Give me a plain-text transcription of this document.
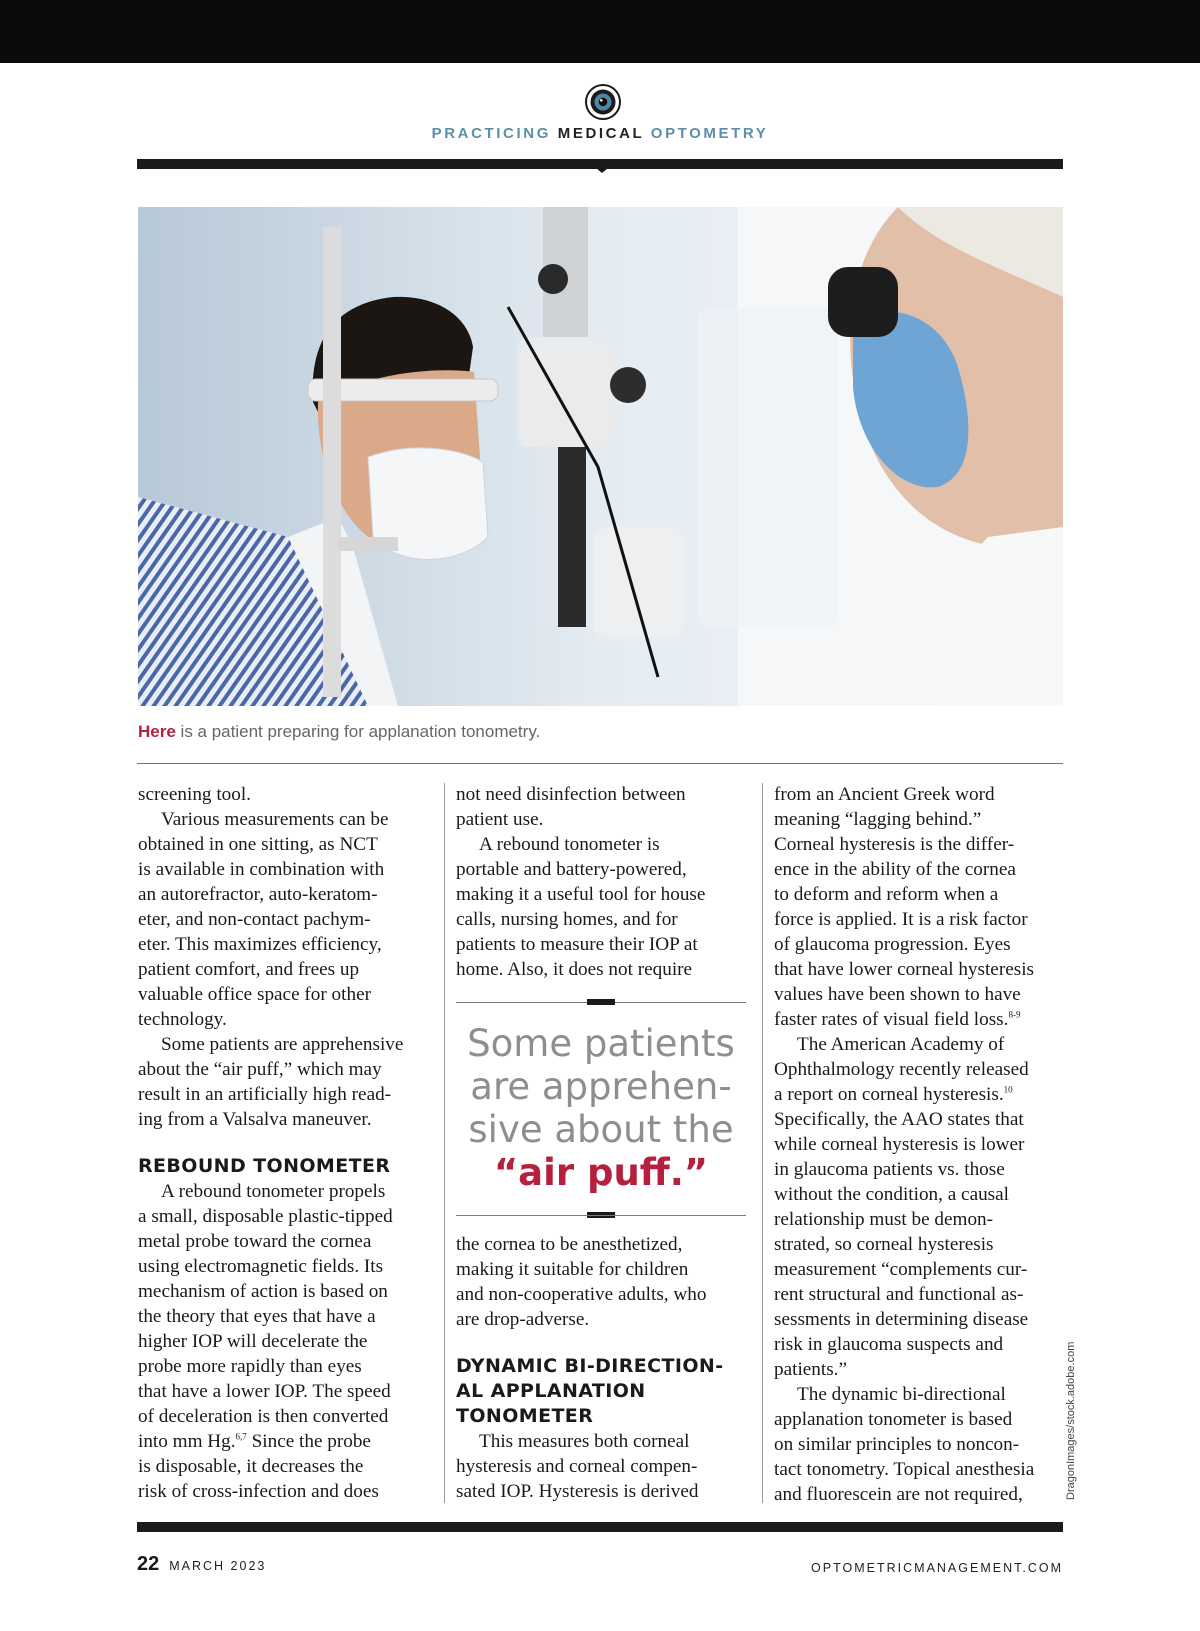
PRACTICING MEDICAL OPTOMETRY
Here is a patient preparing for applanation tonometry.

screening tool.

Various measurements can be

obtained in one sitting, as NCT

is available in combination with

an autorefractor, auto-keratom-

eter, and non-contact pachym-

eter. This maximizes efficiency,

patient comfort, and frees up

valuable office space for other

technology.

Some patients are apprehensive

about the “air puff,” which may

result in an artificially high read-

ing from a Valsalva maneuver.

REBOUND TONOMETER

A rebound tonometer propels

a small, disposable plastic-tipped

metal probe toward the cornea

using electromagnetic fields. Its

mechanism of action is based on

the theory that eyes that have a

higher IOP will decelerate the

probe more rapidly than eyes

that have a lower IOP. The speed

of deceleration is then converted

into mm Hg.$^{6,7}$ Since the probe

is disposable, it decreases the

risk of cross-infection and does

not need disinfection between

patient use.

A rebound tonometer is

portable and battery-powered,

making it a useful tool for house

calls, nursing homes, and for

patients to measure their IOP at

home. Also, it does not require

Some patients
are apprehen-
sive about the
“air puff.”

the cornea to be anesthetized,

making it suitable for children

and non-cooperative adults, who

are drop-adverse.

DYNAMIC BI-DIRECTION-
AL APPLANATION
TONOMETER

This measures both corneal

hysteresis and corneal compen-

sated IOP. Hysteresis is derived

from an Ancient Greek word

meaning “lagging behind.”

Corneal hysteresis is the differ-

ence in the ability of the cornea

to deform and reform when a

force is applied. It is a risk factor

of glaucoma progression. Eyes

that have lower corneal hysteresis

values have been shown to have

faster rates of visual field loss.$^{8-9}$

The American Academy of

Ophthalmology recently released

a report on corneal hysteresis.$^{10}$

Specifically, the AAO states that

while corneal hysteresis is lower

in glaucoma patients vs. those

without the condition, a causal

relationship must be demon-

strated, so corneal hysteresis

measurement “complements cur-

rent structural and functional as-

sessments in determining disease

risk in glaucoma suspects and

patients.”

The dynamic bi-directional

applanation tonometer is based

on similar principles to noncon-

tact tonometry. Topical anesthesia

and fluorescein are not required,	DragonImages/stock.adobe.com
22 MARCH 2023	OPTOMETRICMANAGEMENT.COM
